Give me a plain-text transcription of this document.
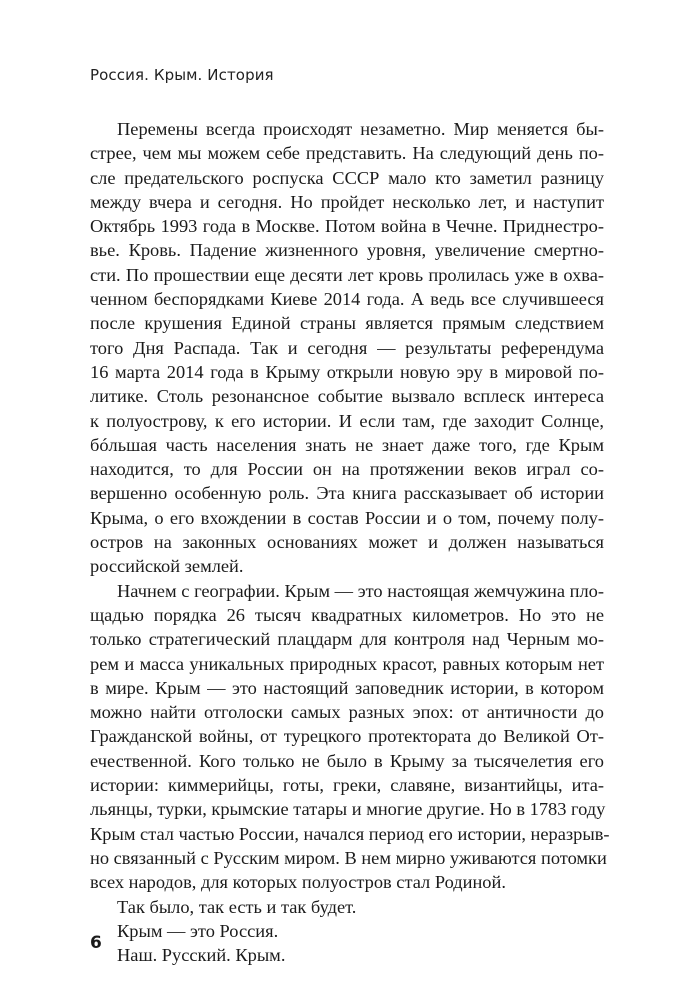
Россия. Крым. История
Перемены всегда происходят незаметно. Мир меняется бы-
стрее, чем мы можем себе представить. На следующий день по-
сле предательского роспуска СССР мало кто заметил разницу
между вчера и сегодня. Но пройдет несколько лет, и наступит
Октябрь 1993 года в Москве. Потом война в Чечне. Приднестро-
вье. Кровь. Падение жизненного уровня, увеличение смертно-
сти. По прошествии еще десяти лет кровь пролилась уже в охва-
ченном беспорядками Киеве 2014 года. А ведь все случившееся
после крушения Единой страны является прямым следствием
того Дня Распада. Так и сегодня — результаты референдума
16 марта 2014 года в Крыму открыли новую эру в мировой по-
литике. Столь резонансное событие вызвало всплеск интереса
к полуострову, к его истории. И если там, где заходит Солнце,
бóльшая часть населения знать не знает даже того, где Крым
находится, то для России он на протяжении веков играл со-
вершенно особенную роль. Эта книга рассказывает об истории
Крыма, о его вхождении в состав России и о том, почему полу-
остров на законных основаниях может и должен называться
российской землей.
Начнем с географии. Крым — это настоящая жемчужина пло-
щадью порядка 26 тысяч квадратных километров. Но это не
только стратегический плацдарм для контроля над Черным мо-
рем и масса уникальных природных красот, равных которым нет
в мире. Крым — это настоящий заповедник истории, в котором
можно найти отголоски самых разных эпох: от античности до
Гражданской войны, от турецкого протектората до Великой От-
ечественной. Кого только не было в Крыму за тысячелетия его
истории: киммерийцы, готы, греки, славяне, византийцы, ита-
льянцы, турки, крымские татары и многие другие. Но в 1783 году
Крым стал частью России, начался период его истории, неразрыв-
но связанный с Русским миром. В нем мирно уживаются потомки
всех народов, для которых полуостров стал Родиной.
Так было, так есть и так будет.
Крым — это Россия.
Наш. Русский. Крым.
6
